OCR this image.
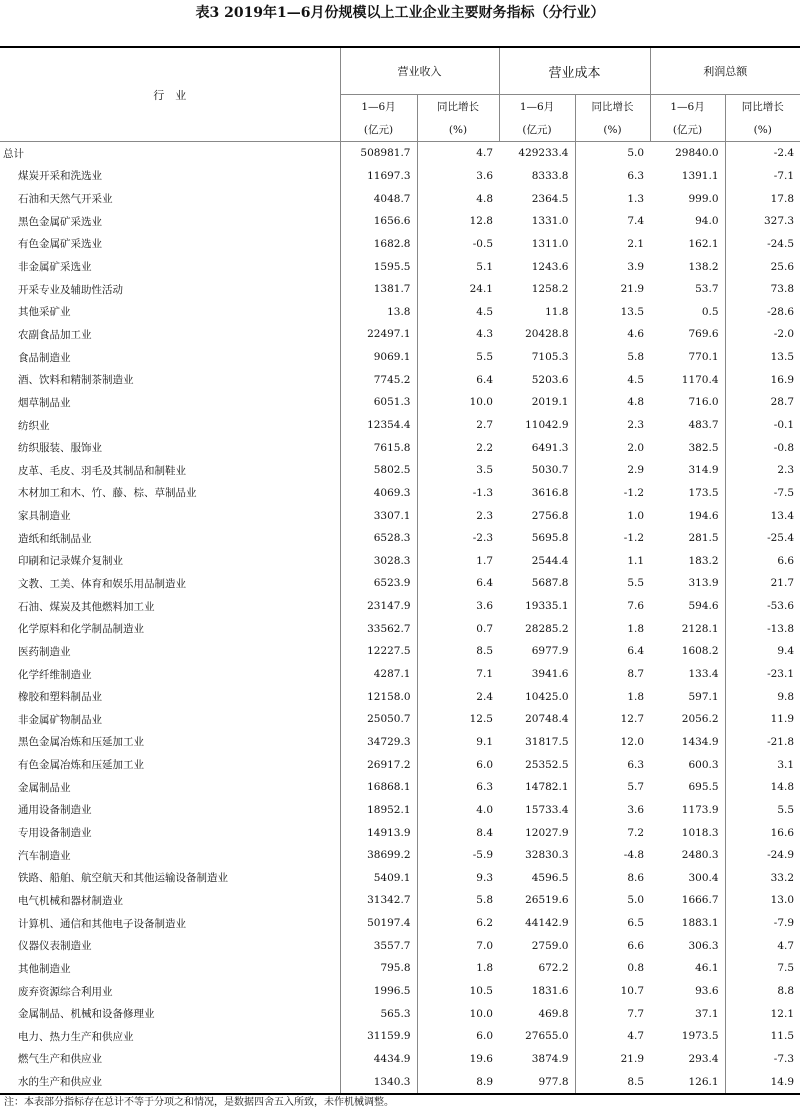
表3 2019年1—6月份规模以上工业企业主要财务指标（分行业）
行　业	营业收入		营业成本		利润总额	
	1—6月	同比增长	1—6月	同比增长	1—6月	同比增长
	(亿元)	(%)	(亿元)	(%)	(亿元)	(%)
总计	508981.7	4.7	429233.4	5.0	29840.0	-2.4
煤炭开采和洗选业	11697.3	3.6	8333.8	6.3	1391.1	-7.1
石油和天然气开采业	4048.7	4.8	2364.5	1.3	999.0	17.8
黑色金属矿采选业	1656.6	12.8	1331.0	7.4	94.0	327.3
有色金属矿采选业	1682.8	-0.5	1311.0	2.1	162.1	-24.5
非金属矿采选业	1595.5	5.1	1243.6	3.9	138.2	25.6
开采专业及辅助性活动	1381.7	24.1	1258.2	21.9	53.7	73.8
其他采矿业	13.8	4.5	11.8	13.5	0.5	-28.6
农副食品加工业	22497.1	4.3	20428.8	4.6	769.6	-2.0
食品制造业	9069.1	5.5	7105.3	5.8	770.1	13.5
酒、饮料和精制茶制造业	7745.2	6.4	5203.6	4.5	1170.4	16.9
烟草制品业	6051.3	10.0	2019.1	4.8	716.0	28.7
纺织业	12354.4	2.7	11042.9	2.3	483.7	-0.1
纺织服装、服饰业	7615.8	2.2	6491.3	2.0	382.5	-0.8
皮革、毛皮、羽毛及其制品和制鞋业	5802.5	3.5	5030.7	2.9	314.9	2.3
木材加工和木、竹、藤、棕、草制品业	4069.3	-1.3	3616.8	-1.2	173.5	-7.5
家具制造业	3307.1	2.3	2756.8	1.0	194.6	13.4
造纸和纸制品业	6528.3	-2.3	5695.8	-1.2	281.5	-25.4
印刷和记录媒介复制业	3028.3	1.7	2544.4	1.1	183.2	6.6
文教、工美、体育和娱乐用品制造业	6523.9	6.4	5687.8	5.5	313.9	21.7
石油、煤炭及其他燃料加工业	23147.9	3.6	19335.1	7.6	594.6	-53.6
化学原料和化学制品制造业	33562.7	0.7	28285.2	1.8	2128.1	-13.8
医药制造业	12227.5	8.5	6977.9	6.4	1608.2	9.4
化学纤维制造业	4287.1	7.1	3941.6	8.7	133.4	-23.1
橡胶和塑料制品业	12158.0	2.4	10425.0	1.8	597.1	9.8
非金属矿物制品业	25050.7	12.5	20748.4	12.7	2056.2	11.9
黑色金属冶炼和压延加工业	34729.3	9.1	31817.5	12.0	1434.9	-21.8
有色金属冶炼和压延加工业	26917.2	6.0	25352.5	6.3	600.3	3.1
金属制品业	16868.1	6.3	14782.1	5.7	695.5	14.8
通用设备制造业	18952.1	4.0	15733.4	3.6	1173.9	5.5
专用设备制造业	14913.9	8.4	12027.9	7.2	1018.3	16.6
汽车制造业	38699.2	-5.9	32830.3	-4.8	2480.3	-24.9
铁路、船舶、航空航天和其他运输设备制造业	5409.1	9.3	4596.5	8.6	300.4	33.2
电气机械和器材制造业	31342.7	5.8	26519.6	5.0	1666.7	13.0
计算机、通信和其他电子设备制造业	50197.4	6.2	44142.9	6.5	1883.1	-7.9
仪器仪表制造业	3557.7	7.0	2759.0	6.6	306.3	4.7
其他制造业	795.8	1.8	672.2	0.8	46.1	7.5
废弃资源综合利用业	1996.5	10.5	1831.6	10.7	93.6	8.8
金属制品、机械和设备修理业	565.3	10.0	469.8	7.7	37.1	12.1
电力、热力生产和供应业	31159.9	6.0	27655.0	4.7	1973.5	11.5
燃气生产和供应业	4434.9	19.6	3874.9	21.9	293.4	-7.3
水的生产和供应业	1340.3	8.9	977.8	8.5	126.1	14.9
注：本表部分指标存在总计不等于分项之和情况，是数据四舍五入所致，未作机械调整。
